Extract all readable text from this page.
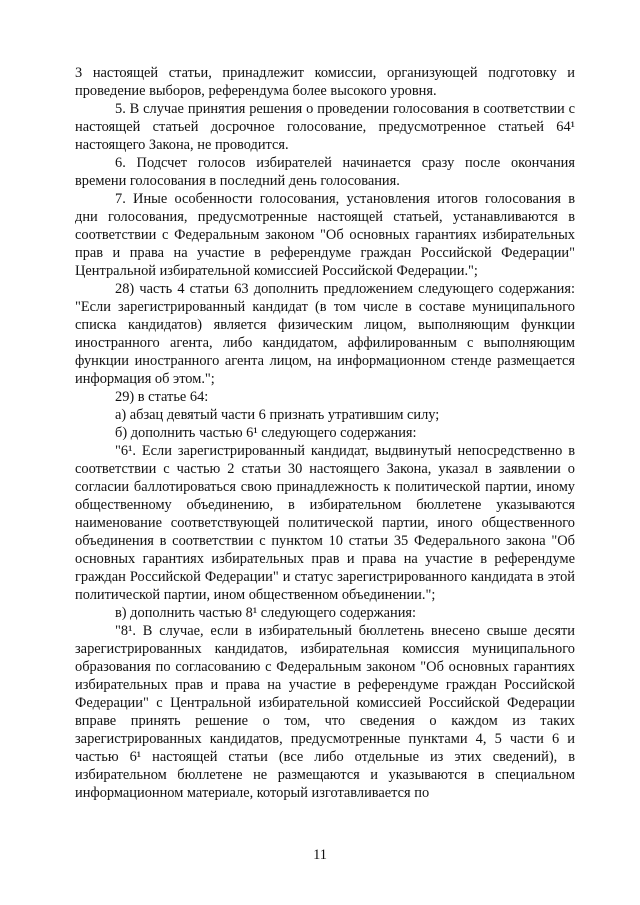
3 настоящей статьи, принадлежит комиссии, организующей подготовку и проведение выборов, референдума более высокого уровня.

5. В случае принятия решения о проведении голосования в соответствии с настоящей статьей досрочное голосование, предусмотренное статьей 64¹ настоящего Закона, не проводится.

6. Подсчет голосов избирателей начинается сразу после окончания времени голосования в последний день голосования.

7. Иные особенности голосования, установления итогов голосования в дни голосования, предусмотренные настоящей статьей, устанавливаются в соответствии с Федеральным законом "Об основных гарантиях избирательных прав и права на участие в референдуме граждан Российской Федерации" Центральной избирательной комиссией Российской Федерации.";

28) часть 4 статьи 63 дополнить предложением следующего содержания: "Если зарегистрированный кандидат (в том числе в составе муниципального списка кандидатов) является физическим лицом, выполняющим функции иностранного агента, либо кандидатом, аффилированным с выполняющим функции иностранного агента лицом, на информационном стенде размещается информация об этом.";

29) в статье 64:

а) абзац девятый части 6 признать утратившим силу;

б) дополнить частью 6¹ следующего содержания:

"6¹. Если зарегистрированный кандидат, выдвинутый непосредственно в соответствии с частью 2 статьи 30 настоящего Закона, указал в заявлении о согласии баллотироваться свою принадлежность к политической партии, иному общественному объединению, в избирательном бюллетене указываются наименование соответствующей политической партии, иного общественного объединения в соответствии с пунктом 10 статьи 35 Федерального закона "Об основных гарантиях избирательных прав и права на участие в референдуме граждан Российской Федерации" и статус зарегистрированного кандидата в этой политической партии, ином общественном объединении.";

в) дополнить частью 8¹ следующего содержания:

"8¹. В случае, если в избирательный бюллетень внесено свыше десяти зарегистрированных кандидатов, избирательная комиссия муниципального образования по согласованию с Федеральным законом "Об основных гарантиях избирательных прав и права на участие в референдуме граждан Российской Федерации" с Центральной избирательной комиссией Российской Федерации вправе принять решение о том, что сведения о каждом из таких зарегистрированных кандидатов, предусмотренные пунктами 4, 5 части 6 и частью 6¹ настоящей статьи (все либо отдельные из этих сведений), в избирательном бюллетене не размещаются и указываются в специальном информационном материале, который изготавливается по

11
